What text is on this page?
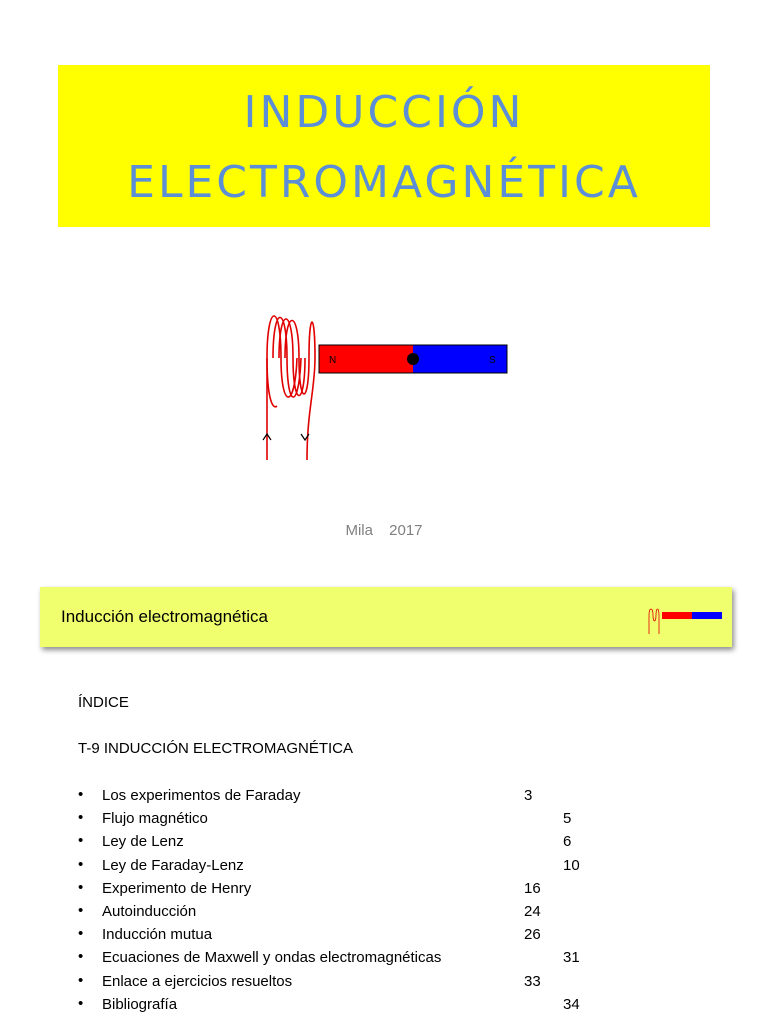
INDUCCIÓN
ELECTROMAGNÉTICA
N	S
Mila 2017
Inducción electromagnética
ÍNDICE
T-9 INDUCCIÓN ELECTROMAGNÉTICA
• Los experimentos de Faraday	3
• Flujo magnético	5
• Ley de Lenz	6
• Ley de Faraday-Lenz	10
• Experimento de Henry	16
• Autoinducción	24
• Inducción mutua	26
• Ecuaciones de Maxwell y ondas electromagnéticas	31
• Enlace a ejercicios resueltos	33
• Bibliografía	34
